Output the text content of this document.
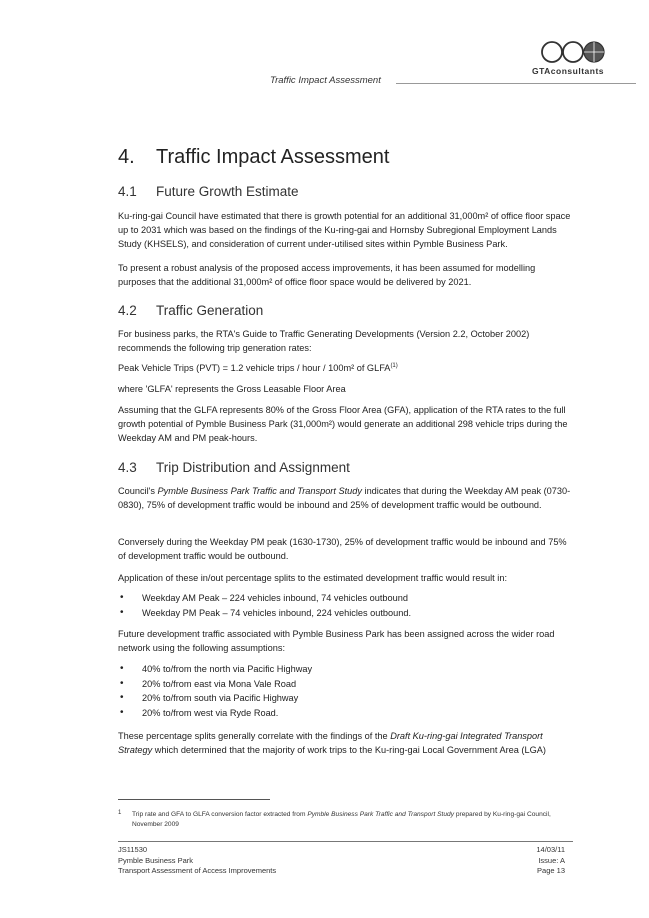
GTAconsultants
Traffic Impact Assessment
4. Traffic Impact Assessment
4.1 Future Growth Estimate

Ku-ring-gai Council have estimated that there is growth potential for an additional 31,000m² of office floor space up to 2031 which was based on the findings of the Ku-ring-gai and Hornsby Subregional Employment Lands Study (KHSELS), and consideration of current under-utilised sites within Pymble Business Park.

To present a robust analysis of the proposed access improvements, it has been assumed for modelling purposes that the additional 31,000m² of office floor space would be delivered by 2021.

4.2 Traffic Generation

For business parks, the RTA's Guide to Traffic Generating Developments (Version 2.2, October 2002) recommends the following trip generation rates:

Peak Vehicle Trips (PVT) = 1.2 vehicle trips / hour / 100m² of GLFA$^{(1)}$

where 'GLFA' represents the Gross Leasable Floor Area

Assuming that the GLFA represents 80% of the Gross Floor Area (GFA), application of the RTA rates to the full growth potential of Pymble Business Park (31,000m²) would generate an additional 298 vehicle trips during the Weekday AM and PM peak-hours.

4.3 Trip Distribution and Assignment

Council's Pymble Business Park Traffic and Transport Study indicates that during the Weekday AM peak (0730-0830), 75% of development traffic would be inbound and 25% of development traffic would be outbound.

Conversely during the Weekday PM peak (1630-1730), 25% of development traffic would be inbound and 75% of development traffic would be outbound.

Application of these in/out percentage splits to the estimated development traffic would result in:

• Weekday AM Peak – 224 vehicles inbound, 74 vehicles outbound
• Weekday PM Peak – 74 vehicles inbound, 224 vehicles outbound.

Future development traffic associated with Pymble Business Park has been assigned across the wider road network using the following assumptions:

• 40% to/from the north via Pacific Highway
• 20% to/from east via Mona Vale Road
• 20% to/from south via Pacific Highway
• 20% to/from west via Ryde Road.

These percentage splits generally correlate with the findings of the Draft Ku-ring-gai Integrated Transport Strategy which determined that the majority of work trips to the Ku-ring-gai Local Government Area (LGA)

1	Trip rate and GFA to GLFA conversion factor extracted from Pymble Business Park Traffic and Transport Study prepared by Ku-ring-gai Council, November 2009
JS11530
Pymble Business Park
Transport Assessment of Access Improvements
14/03/11
Issue: A
Page 13
